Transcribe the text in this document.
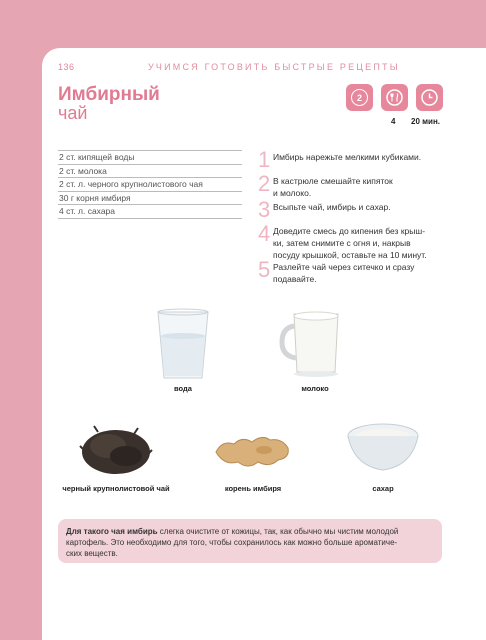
136	УЧИМСЯ ГОТОВИТЬ БЫСТРЫЕ РЕЦЕПТЫ
Имбирный
чай
2
4 20 мин.
2 ст. кипящей воды
2 ст. молока
2 ст. л. черного крупнолистового чая
30 г корня имбиря
4 ст. л. сахара
1 Имбирь нарежьте мелкими кубиками.
2 В кастрюле смешайте кипяток
и молоко.
3 Всыпьте чай, имбирь и сахар.
4 Доведите смесь до кипения без крыш-
ки, затем снимите с огня и, накрыв
посуду крышкой, оставьте на 10 минут.
5 Разлейте чай через ситечко и сразу
подавайте.
вода	молоко
черный крупнолистовой чай	корень имбиря	сахар

Для такого чая имбирь слегка очистите от кожицы, так, как обычно мы чистим молодой
картофель. Это необходимо для того, чтобы сохранилось как можно больше ароматиче-
ских веществ.
